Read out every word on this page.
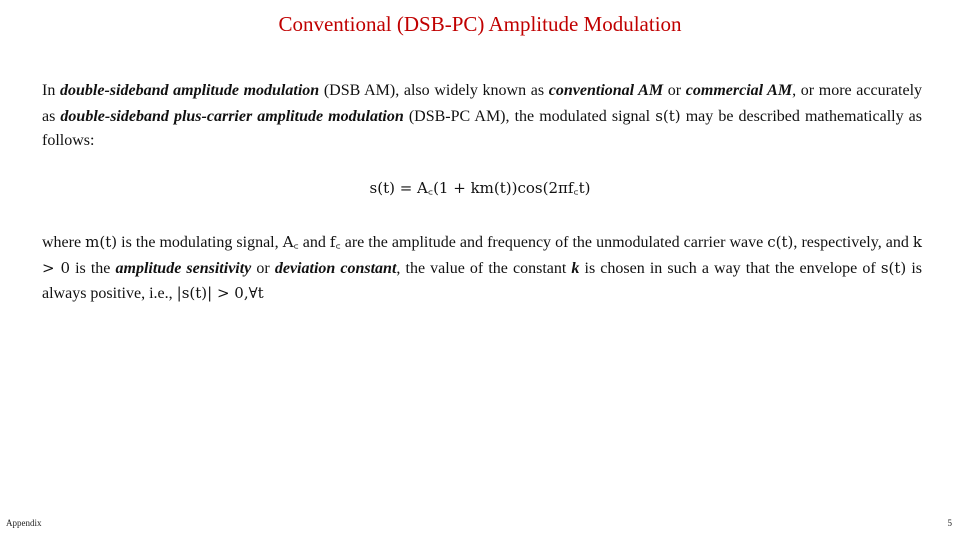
Conventional (DSB-PC) Amplitude Modulation
In double-sideband amplitude modulation (DSB AM), also widely known as conventional AM or commercial AM, or more accurately as double-sideband plus-carrier amplitude modulation (DSB-PC AM), the modulated signal s(t) may be described mathematically as follows:
s(t) = A꜀(1 + km(t))cos(2πf꜀t)
where m(t) is the modulating signal, A꜀ and f꜀ are the amplitude and frequency of the unmodulated carrier wave c(t), respectively, and k > 0 is the amplitude sensitivity or deviation constant, the value of the constant k is chosen in such a way that the envelope of s(t) is always positive, i.e., |s(t)| > 0,∀t
Appendix	5
